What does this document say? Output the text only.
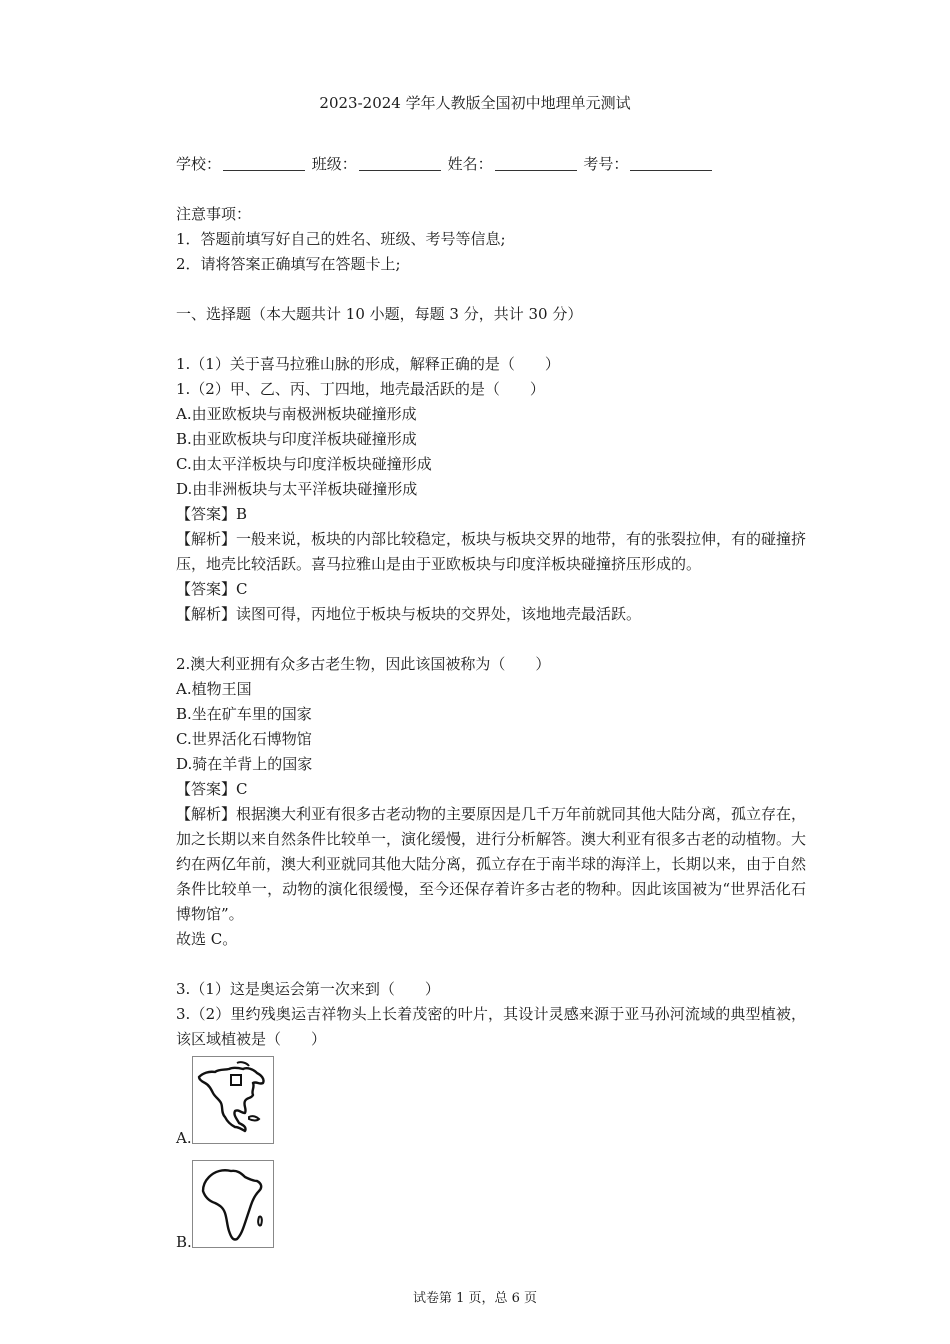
2023-2024 学年人教版全国初中地理单元测试
学校：	班级：	姓名：	考号：
注意事项：
1．答题前填写好自己的姓名、班级、考号等信息;
2．请将答案正确填写在答题卡上;
一、选择题（本大题共计 10 小题，每题 3 分，共计 30 分）
1.（1）关于喜马拉雅山脉的形成，解释正确的是（　　）
1.（2）甲、乙、丙、丁四地，地壳最活跃的是（　　）
A.由亚欧板块与南极洲板块碰撞形成
B.由亚欧板块与印度洋板块碰撞形成
C.由太平洋板块与印度洋板块碰撞形成
D.由非洲板块与太平洋板块碰撞形成
【答案】B
【解析】一般来说，板块的内部比较稳定，板块与板块交界的地带，有的张裂拉伸，有的碰撞挤压，地壳比较活跃。喜马拉雅山是由于亚欧板块与印度洋板块碰撞挤压形成的。
【答案】C
【解析】读图可得，丙地位于板块与板块的交界处，该地地壳最活跃。
2.澳大利亚拥有众多古老生物，因此该国被称为（　　）
A.植物王国
B.坐在矿车里的国家
C.世界活化石博物馆
D.骑在羊背上的国家
【答案】C
【解析】根据澳大利亚有很多古老动物的主要原因是几千万年前就同其他大陆分离，孤立存在，加之长期以来自然条件比较单一，演化缓慢，进行分析解答。澳大利亚有很多古老的动植物。大约在两亿年前，澳大利亚就同其他大陆分离，孤立存在于南半球的海洋上，长期以来，由于自然条件比较单一，动物的演化很缓慢，至今还保存着许多古老的物种。因此该国被为“世界活化石博物馆”。
故选 C。
3.（1）这是奥运会第一次来到（　　）
3.（2）里约残奥运吉祥物头上长着茂密的叶片，其设计灵感来源于亚马孙河流域的典型植被，该区域植被是（　　）
A.
B.
试卷第 1 页，总 6 页
